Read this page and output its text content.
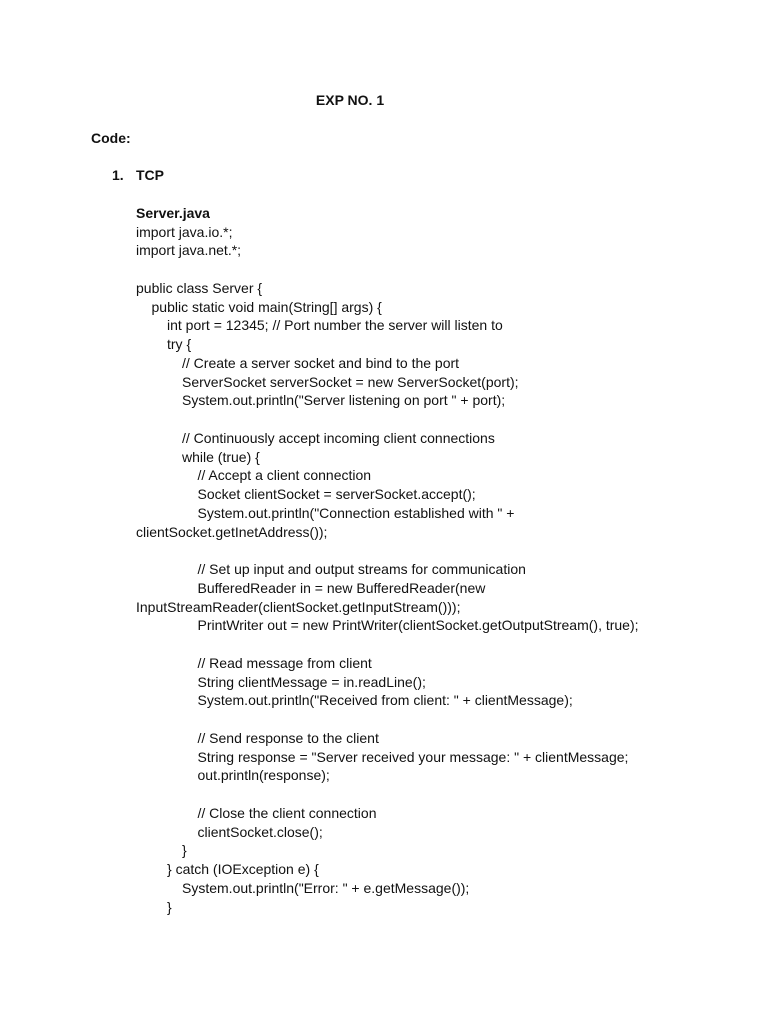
EXP NO. 1
Code:
1. TCP
Server.java
import java.io.*;
import java.net.*;

public class Server {
public static void main(String[] args) {
int port = 12345; // Port number the server will listen to
try {
// Create a server socket and bind to the port
ServerSocket serverSocket = new ServerSocket(port);
System.out.println("Server listening on port " + port);

// Continuously accept incoming client connections
while (true) {
// Accept a client connection
Socket clientSocket = serverSocket.accept();
System.out.println("Connection established with " +
clientSocket.getInetAddress());

// Set up input and output streams for communication
BufferedReader in = new BufferedReader(new
InputStreamReader(clientSocket.getInputStream()));
PrintWriter out = new PrintWriter(clientSocket.getOutputStream(), true);

// Read message from client
String clientMessage = in.readLine();
System.out.println("Received from client: " + clientMessage);

// Send response to the client
String response = "Server received your message: " + clientMessage;
out.println(response);

// Close the client connection
clientSocket.close();
}
} catch (IOException e) {
System.out.println("Error: " + e.getMessage());
}
